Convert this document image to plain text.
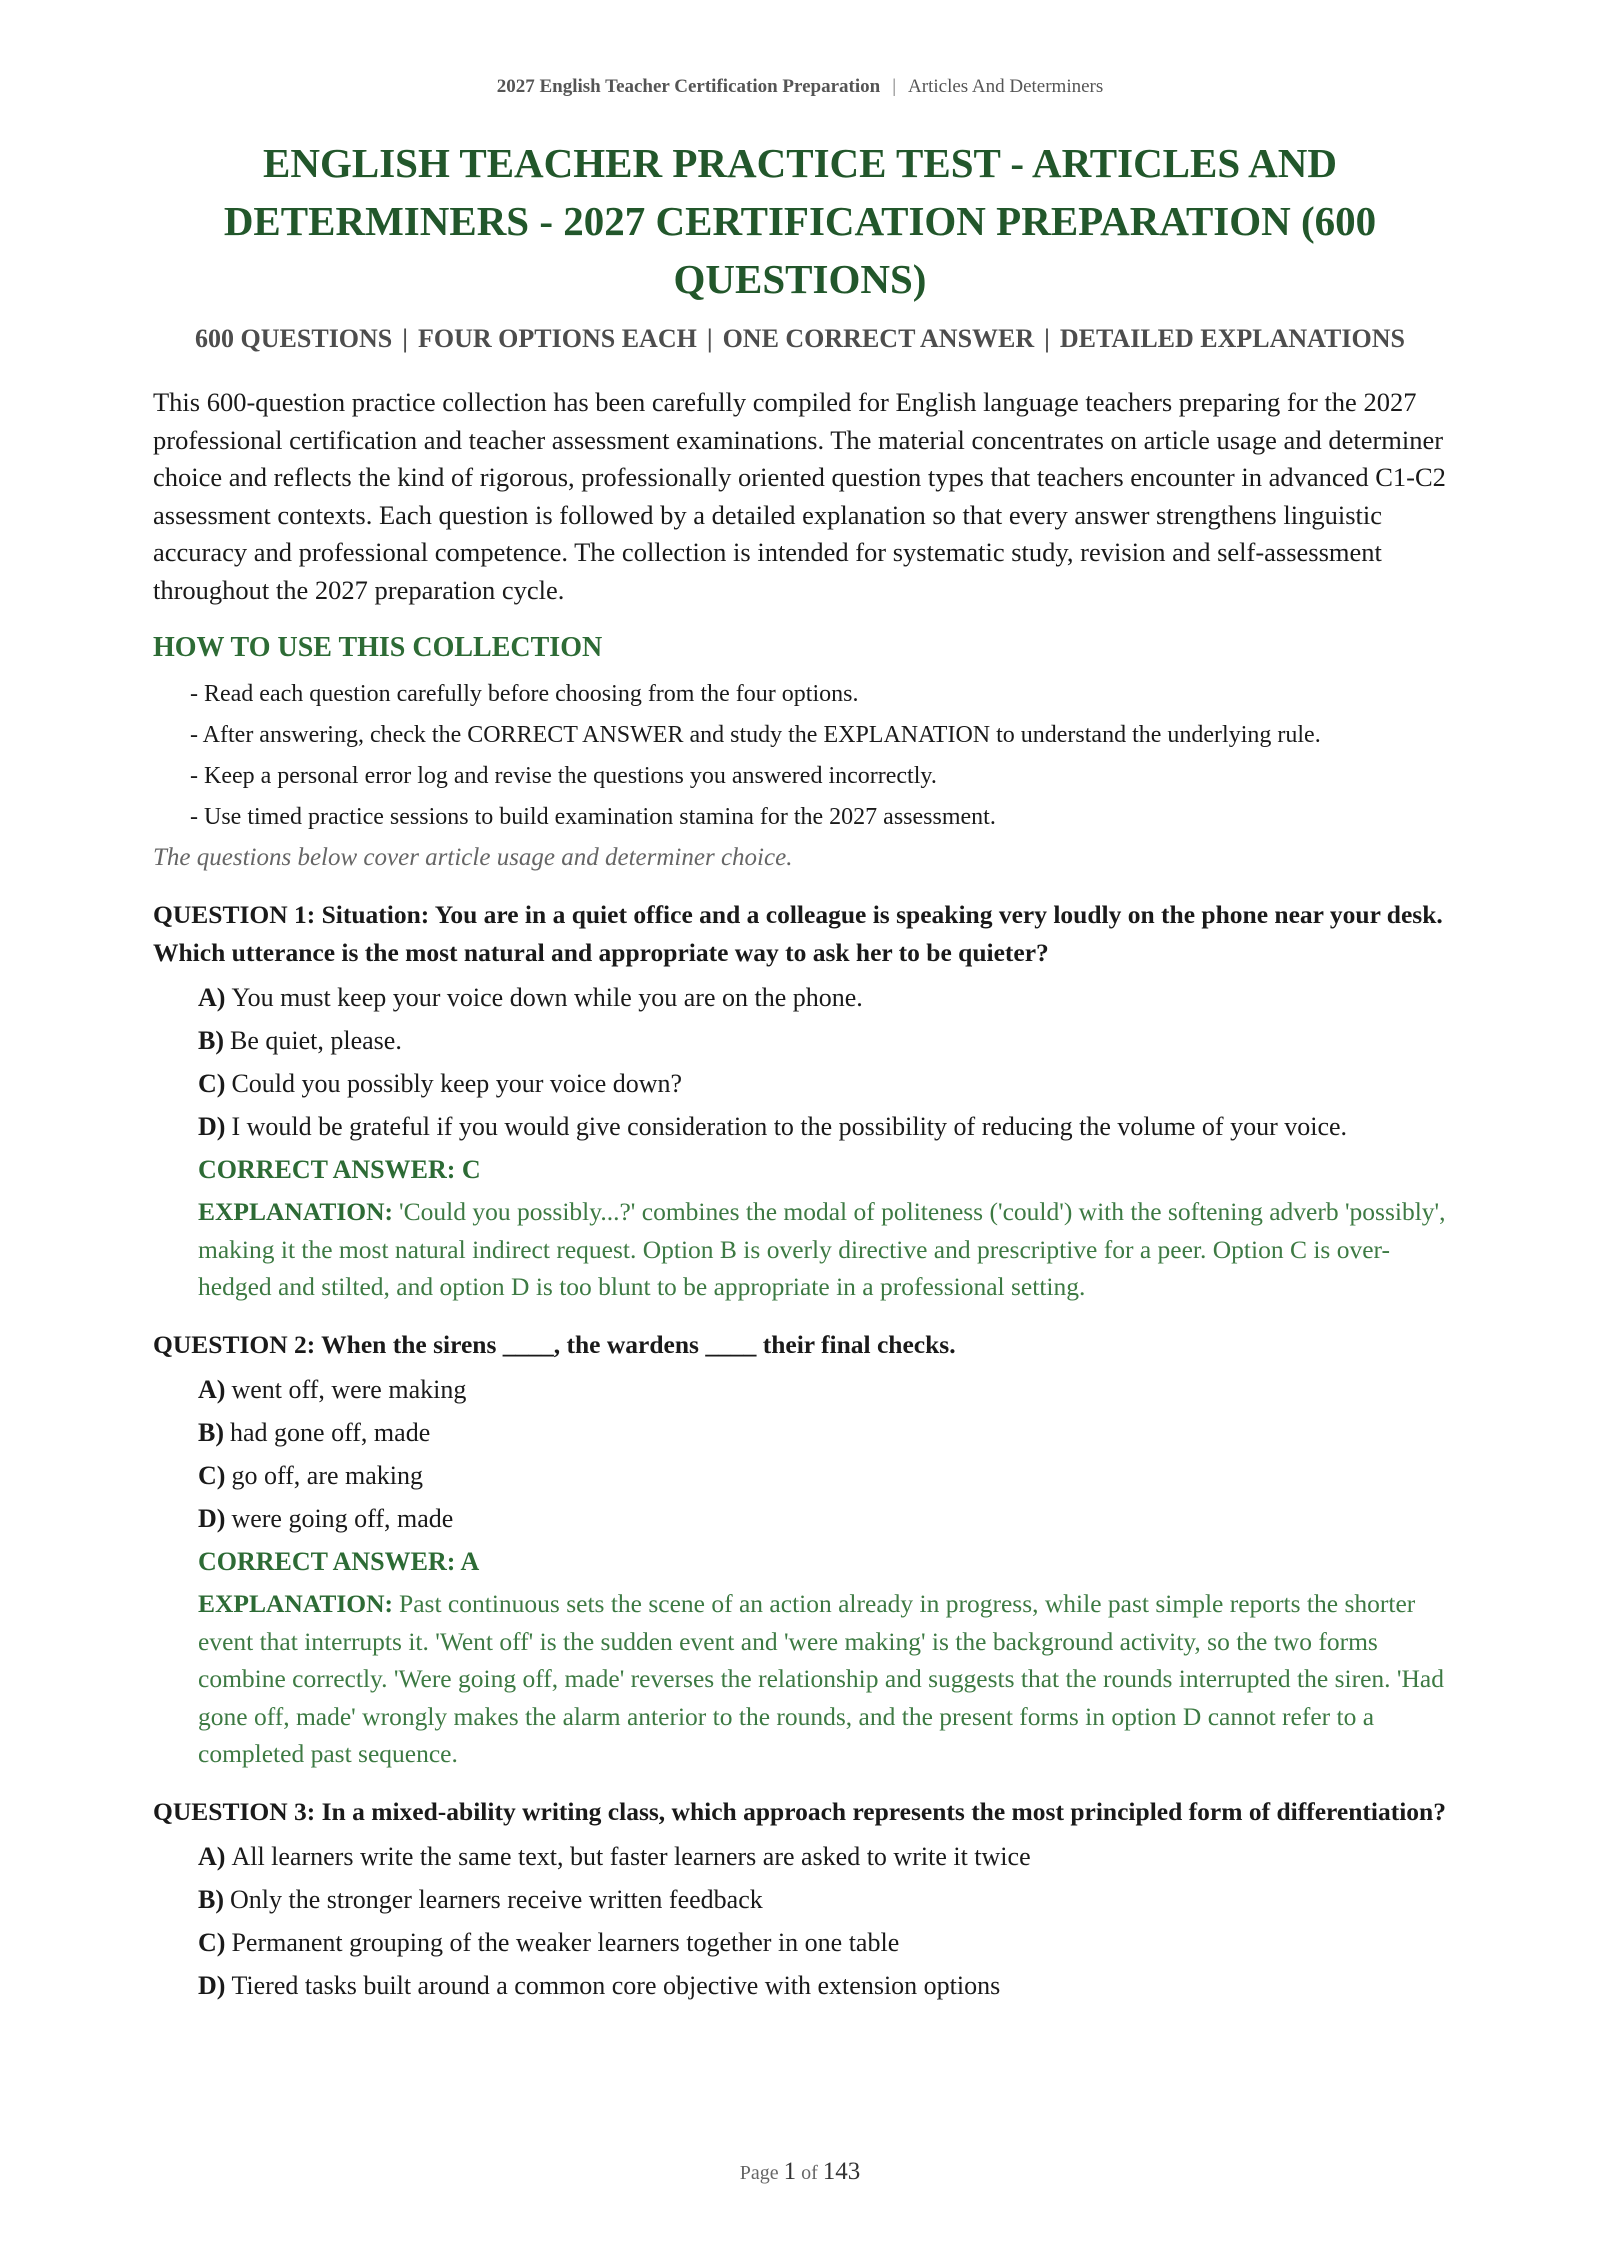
2027 English Teacher Certification Preparation | Articles And Determiners
ENGLISH TEACHER PRACTICE TEST - ARTICLES AND DETERMINERS - 2027 CERTIFICATION PREPARATION (600 QUESTIONS)
600 QUESTIONS | FOUR OPTIONS EACH | ONE CORRECT ANSWER | DETAILED EXPLANATIONS

This 600-question practice collection has been carefully compiled for English language teachers preparing for the 2027 professional certification and teacher assessment examinations. The material concentrates on article usage and determiner choice and reflects the kind of rigorous, professionally oriented question types that teachers encounter in advanced C1-C2 assessment contexts. Each question is followed by a detailed explanation so that every answer strengthens linguistic accuracy and professional competence. The collection is intended for systematic study, revision and self-assessment throughout the 2027 preparation cycle.

HOW TO USE THIS COLLECTION
- Read each question carefully before choosing from the four options.
- After answering, check the CORRECT ANSWER and study the EXPLANATION to understand the underlying rule.
- Keep a personal error log and revise the questions you answered incorrectly.
- Use timed practice sessions to build examination stamina for the 2027 assessment.

The questions below cover article usage and determiner choice.

QUESTION 1: Situation: You are in a quiet office and a colleague is speaking very loudly on the phone near your desk. Which utterance is the most natural and appropriate way to ask her to be quieter?

A) You must keep your voice down while you are on the phone.
B) Be quiet, please.
C) Could you possibly keep your voice down?
D) I would be grateful if you would give consideration to the possibility of reducing the volume of your voice.

CORRECT ANSWER: C

EXPLANATION: 'Could you possibly...?' combines the modal of politeness ('could') with the softening adverb 'possibly', making it the most natural indirect request. Option B is overly directive and prescriptive for a peer. Option C is over-hedged and stilted, and option D is too blunt to be appropriate in a professional setting.

QUESTION 2: When the sirens ____, the wardens ____ their final checks.

A) went off, were making
B) had gone off, made
C) go off, are making
D) were going off, made

CORRECT ANSWER: A

EXPLANATION: Past continuous sets the scene of an action already in progress, while past simple reports the shorter event that interrupts it. 'Went off' is the sudden event and 'were making' is the background activity, so the two forms combine correctly. 'Were going off, made' reverses the relationship and suggests that the rounds interrupted the siren. 'Had gone off, made' wrongly makes the alarm anterior to the rounds, and the present forms in option D cannot refer to a completed past sequence.

QUESTION 3: In a mixed-ability writing class, which approach represents the most principled form of differentiation?

A) All learners write the same text, but faster learners are asked to write it twice
B) Only the stronger learners receive written feedback
C) Permanent grouping of the weaker learners together in one table
D) Tiered tasks built around a common core objective with extension options
Page 1 of 143
